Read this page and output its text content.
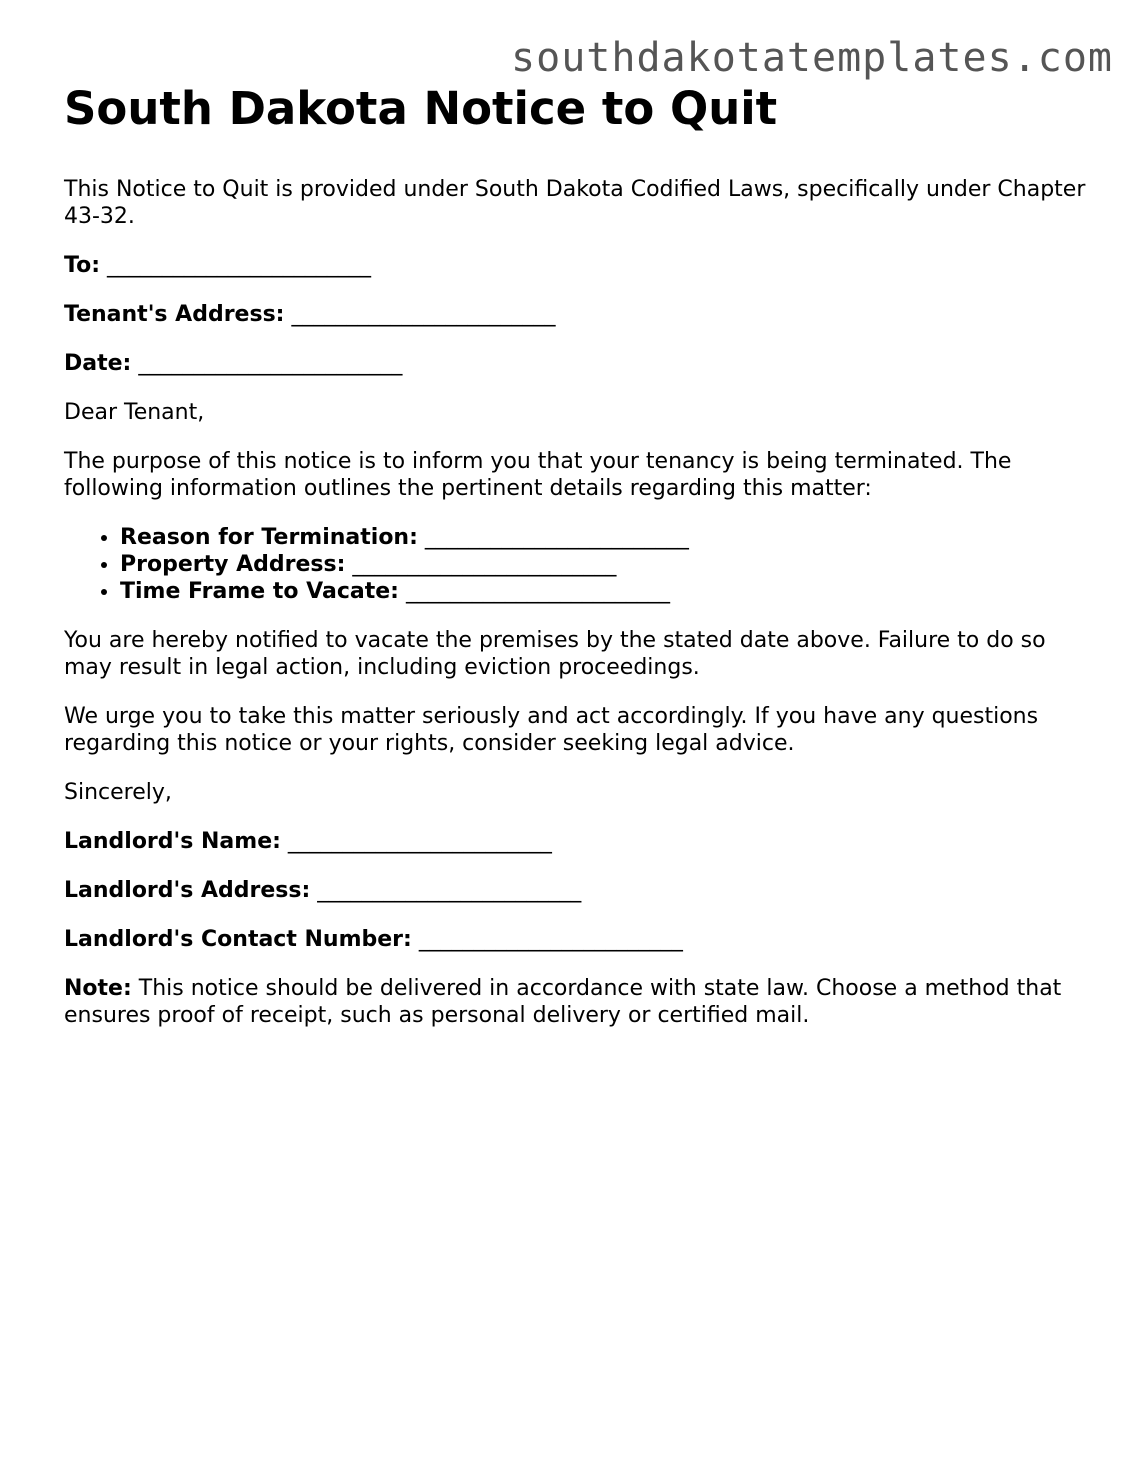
southdakotatemplates.com
South Dakota Notice to Quit

This Notice to Quit is provided under South Dakota Codified Laws, specifically under Chapter 43-32.

To: ________________________

Tenant's Address: ________________________

Date: ________________________

Dear Tenant,

The purpose of this notice is to inform you that your tenancy is being terminated. The following information outlines the pertinent details regarding this matter:

• Reason for Termination: ________________________
• Property Address: ________________________
• Time Frame to Vacate: ________________________

You are hereby notified to vacate the premises by the stated date above. Failure to do so may result in legal action, including eviction proceedings.

We urge you to take this matter seriously and act accordingly. If you have any questions regarding this notice or your rights, consider seeking legal advice.

Sincerely,

Landlord's Name: ________________________

Landlord's Address: ________________________

Landlord's Contact Number: ________________________

Note: This notice should be delivered in accordance with state law. Choose a method that ensures proof of receipt, such as personal delivery or certified mail.
